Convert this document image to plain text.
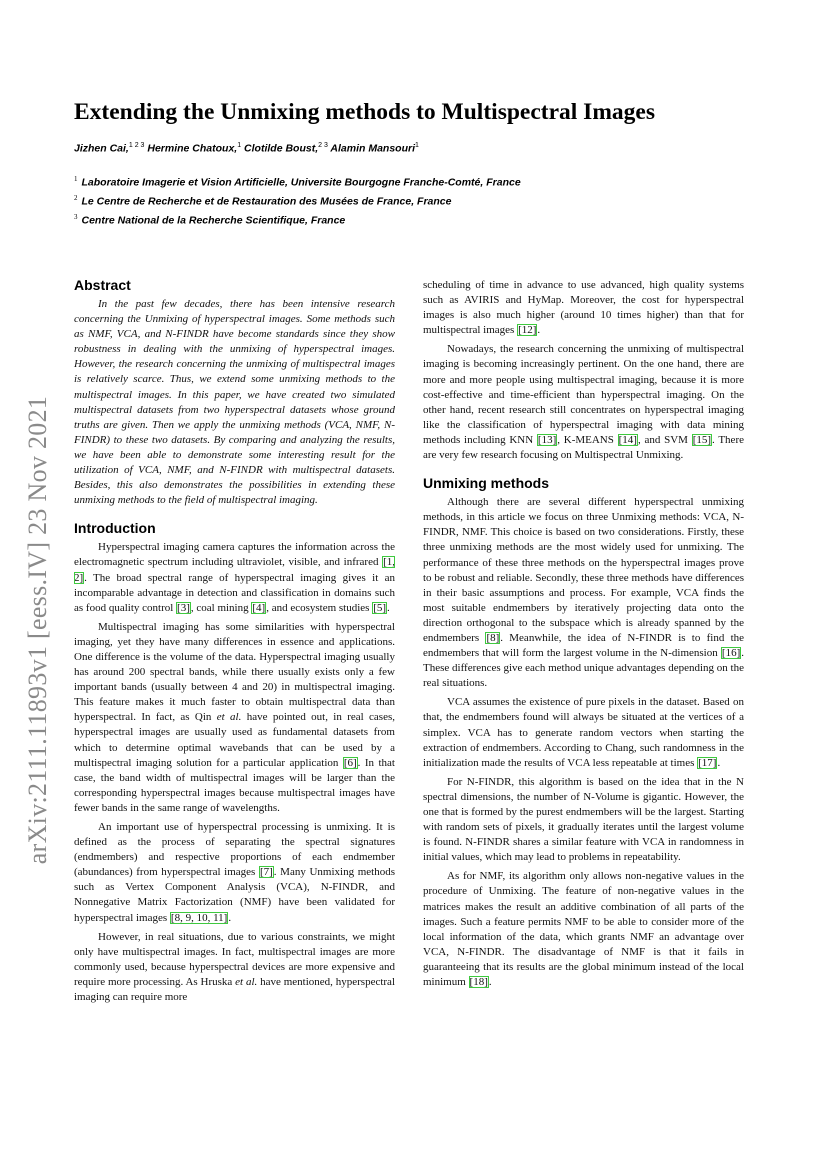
arXiv:2111.11893v1 [eess.IV] 23 Nov 2021
Extending the Unmixing methods to Multispectral Images
Jizhen Cai,$^{1 2 3}$ Hermine Chatoux,$^1$ Clotilde Boust,$^{2 3}$ Alamin Mansouri$^1$
$^1$ Laboratoire Imagerie et Vision Artificielle, Universite Bourgogne Franche-Comté, France
$^2$ Le Centre de Recherche et de Restauration des Musées de France, France
$^3$ Centre National de la Recherche Scientifique, France
Abstract

In the past few decades, there has been intensive research concerning the Unmixing of hyperspectral images. Some methods such as NMF, VCA, and N-FINDR have become standards since they show robustness in dealing with the unmixing of hyperspectral images. However, the research concerning the unmixing of multispectral images is relatively scarce. Thus, we extend some unmixing methods to the multispectral images. In this paper, we have created two simulated multispectral datasets from two hyperspectral datasets whose ground truths are given. Then we apply the unmixing methods (VCA, NMF, N-FINDR) to these two datasets. By comparing and analyzing the results, we have been able to demonstrate some interesting result for the utilization of VCA, NMF, and N-FINDR with multispectral datasets. Besides, this also demonstrates the possibilities in extending these unmixing methods to the field of multispectral imaging.

Introduction

Hyperspectral imaging camera captures the information across the electromagnetic spectrum including ultraviolet, visible, and infrared [1, 2]. The broad spectral range of hyperspectral imaging gives it an incomparable advantage in detection and classification in domains such as food quality control [3], coal mining [4], and ecosystem studies [5].

Multispectral imaging has some similarities with hyperspectral imaging, yet they have many differences in essence and applications. One difference is the volume of the data. Hyperspectral imaging usually has around 200 spectral bands, while there usually exists only a few important bands (usually between 4 and 20) in multispectral imaging. This feature makes it much faster to obtain multispectral data than hyperspectral. In fact, as Qin et al. have pointed out, in real cases, hyperspectral images are usually used as fundamental datasets from which to determine optimal wavebands that can be used by a multispectral imaging solution for a particular application [6]. In that case, the band width of multispectral images will be larger than the corresponding hyperspectral images because multispectral images have fewer bands in the same range of wavelengths.

An important use of hyperspectral processing is unmixing. It is defined as the process of separating the spectral signatures (endmembers) and respective proportions of each endmember (abundances) from hyperspectral images [7]. Many Unmixing methods such as Vertex Component Analysis (VCA), N-FINDR, and Nonnegative Matrix Factorization (NMF) have been validated for hyperspectral images [8, 9, 10, 11].

However, in real situations, due to various constraints, we might only have multispectral images. In fact, multispectral images are more commonly used, because hyperspectral devices are more expensive and require more processing. As Hruska et al. have mentioned, hyperspectral imaging can require more

scheduling of time in advance to use advanced, high quality systems such as AVIRIS and HyMap. Moreover, the cost for hyperspectral images is also much higher (around 10 times higher) than that for multispectral images [12].

Nowadays, the research concerning the unmixing of multispectral imaging is becoming increasingly pertinent. On the one hand, there are more and more people using multispectral imaging, because it is more cost-effective and time-efficient than hyperspectral imaging. On the other hand, recent research still concentrates on hyperspectral imaging like the classification of hyperspectral imaging with data mining methods including KNN [13], K-MEANS [14], and SVM [15]. There are very few research focusing on Multispectral Unmixing.

Unmixing methods

Although there are several different hyperspectral unmixing methods, in this article we focus on three Unmixing methods: VCA, N-FINDR, NMF. This choice is based on two considerations. Firstly, these three unmixing methods are the most widely used for unmixing. The performance of these three methods on the hyperspectral images prove to be robust and reliable. Secondly, these three methods have differences in their basic assumptions and process. For example, VCA finds the most suitable endmembers by iteratively projecting data onto the direction orthogonal to the subspace which is already spanned by the endmembers [8]. Meanwhile, the idea of N-FINDR is to find the endmembers that will form the largest volume in the N-dimension [16]. These differences give each method unique advantages depending on the real situations.

VCA assumes the existence of pure pixels in the dataset. Based on that, the endmembers found will always be situated at the vertices of a simplex. VCA has to generate random vectors when starting the extraction of endmembers. According to Chang, such randomness in the initialization made the results of VCA less repeatable at times [17].

For N-FINDR, this algorithm is based on the idea that in the N spectral dimensions, the number of N-Volume is gigantic. However, the one that is formed by the purest endmembers will be the largest. Starting with random sets of pixels, it gradually iterates until the largest volume is found. N-FINDR shares a similar feature with VCA in randomness in initial values, which may lead to problems in repeatability.

As for NMF, its algorithm only allows non-negative values in the procedure of Unmixing. The feature of non-negative values in the matrices makes the result an additive combination of all parts of the images. Such a feature permits NMF to be able to consider more of the local information of the data, which grants NMF an advantage over VCA, N-FINDR. The disadvantage of NMF is that it fails in guaranteeing that its results are the global minimum instead of the local minimum [18].
